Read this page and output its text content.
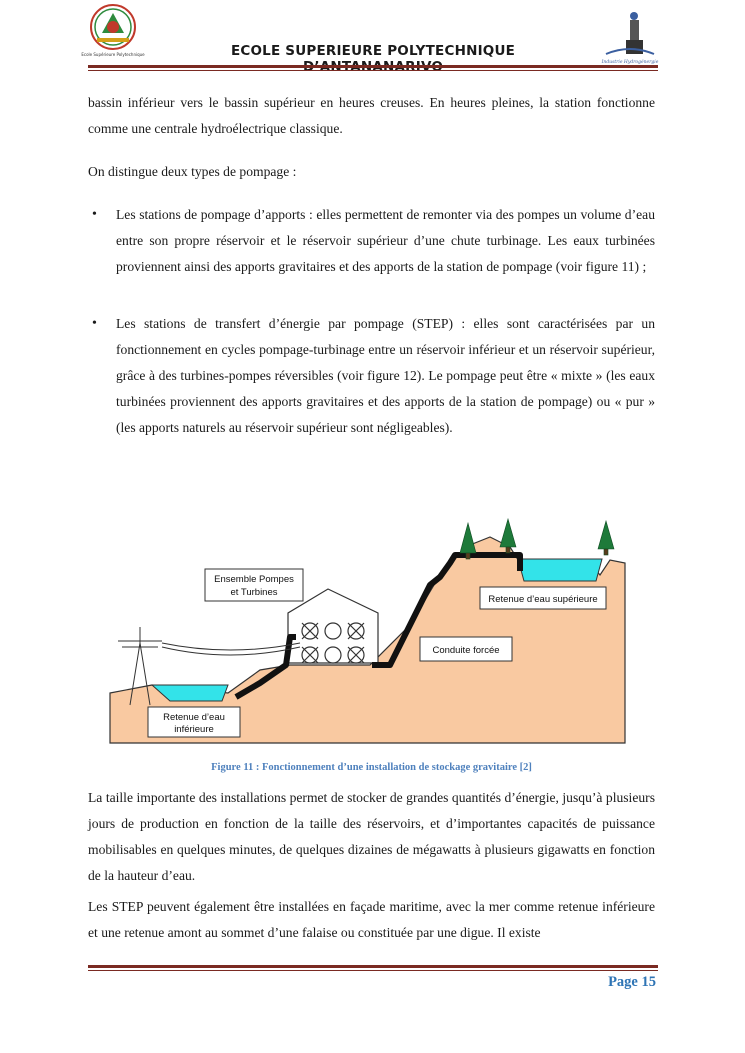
Ecole Supérieure Polytechnique	ECOLE SUPERIEURE POLYTECHNIQUE
Industrie Hydrogénergie

bassin inférieur vers le bassin supérieur en heures creuses. En heures pleines, la station fonctionne comme une centrale hydroélectrique classique.

On distingue deux types de pompage :

• Les stations de pompage d’apports : elles permettent de remonter via des pompes un volume d’eau entre son propre réservoir et le réservoir supérieur d’une chute turbinage. Les eaux turbinées proviennent ainsi des apports gravitaires et des apports de la station de pompage (voir figure 11) ;

• Les stations de transfert d’énergie par pompage (STEP) : elles sont caractérisées par un fonctionnement en cycles pompage-turbinage entre un réservoir inférieur et un réservoir supérieur, grâce à des turbines-pompes réversibles (voir figure 12). Le pompage peut être « mixte » (les eaux turbinées proviennent des apports gravitaires et des apports de la station de pompage) ou « pur » (les apports naturels au réservoir supérieur sont négligeables).

Ensemble Pompes
et Turbines
Retenue d’eau supérieure
Conduite forcée
Retenue d’eau
inférieure
Figure 11 : Fonctionnement d’une installation de stockage gravitaire [2]

La taille importante des installations permet de stocker de grandes quantités d’énergie, jusqu’à plusieurs jours de production en fonction de la taille des réservoirs, et d’importantes capacités de puissance mobilisables en quelques minutes, de quelques dizaines de mégawatts à plusieurs gigawatts en fonction de la hauteur d’eau.

Les STEP peuvent également être installées en façade maritime, avec la mer comme retenue inférieure et une retenue amont au sommet d’une falaise ou constituée par une digue. Il existe

Page 15
